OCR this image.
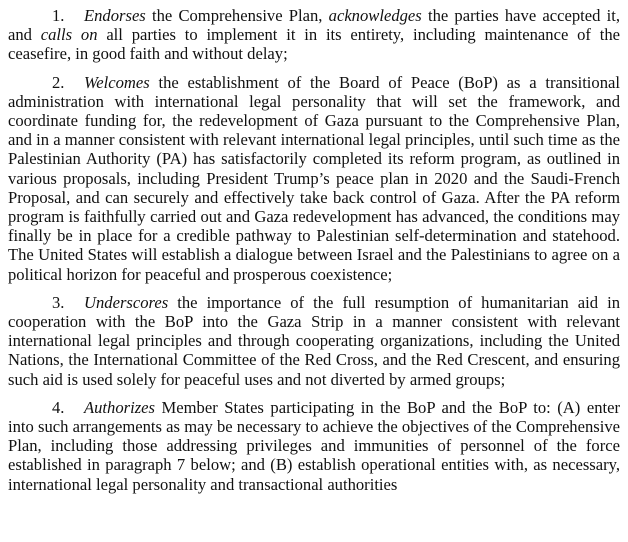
1. Endorses the Comprehensive Plan, acknowledges the parties have accepted it, and calls on all parties to implement it in its entirety, including maintenance of the ceasefire, in good faith and without delay;

2. Welcomes the establishment of the Board of Peace (BoP) as a transitional administration with international legal personality that will set the framework, and coordinate funding for, the redevelopment of Gaza pursuant to the Comprehensive Plan, and in a manner consistent with relevant international legal principles, until such time as the Palestinian Authority (PA) has satisfactorily completed its reform program, as outlined in various proposals, including President Trump’s peace plan in 2020 and the Saudi-French Proposal, and can securely and effectively take back control of Gaza. After the PA reform program is faithfully carried out and Gaza redevelopment has advanced, the conditions may finally be in place for a credible pathway to Palestinian self-determination and statehood. The United States will establish a dialogue between Israel and the Palestinians to agree on a political horizon for peaceful and prosperous coexistence;

3. Underscores the importance of the full resumption of humanitarian aid in cooperation with the BoP into the Gaza Strip in a manner consistent with relevant international legal principles and through cooperating organizations, including the United Nations, the International Committee of the Red Cross, and the Red Crescent, and ensuring such aid is used solely for peaceful uses and not diverted by armed groups;

4. Authorizes Member States participating in the BoP and the BoP to: (A) enter into such arrangements as may be necessary to achieve the objectives of the Comprehensive Plan, including those addressing privileges and immunities of personnel of the force established in paragraph 7 below; and (B) establish operational entities with, as necessary, international legal personality and transactional authorities
